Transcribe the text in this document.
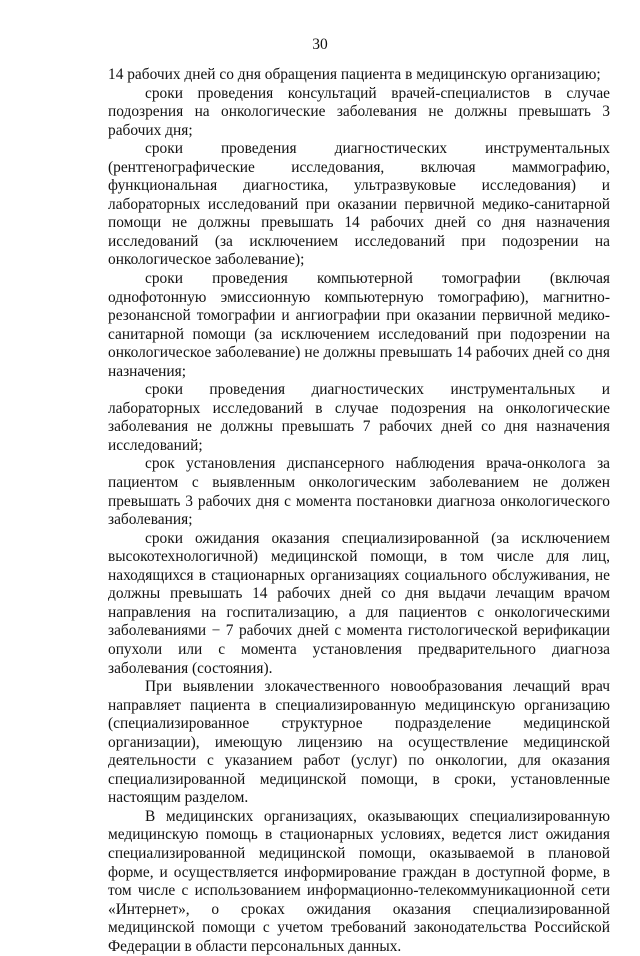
30

14 рабочих дней со дня обращения пациента в медицинскую организацию;

сроки проведения консультаций врачей-специалистов в случае подозрения на онкологические заболевания не должны превышать 3 рабочих дня;

сроки проведения диагностических инструментальных (рентгенографические исследования, включая маммографию, функциональная диагностика, ультразвуковые исследования) и лабораторных исследований при оказании первичной медико-санитарной помощи не должны превышать 14 рабочих дней со дня назначения исследований (за исключением исследований при подозрении на онкологическое заболевание);

сроки проведения компьютерной томографии (включая однофотонную эмиссионную компьютерную томографию), магнитно-резонансной томографии и ангиографии при оказании первичной медико-санитарной помощи (за исключением исследований при подозрении на онкологическое заболевание) не должны превышать 14 рабочих дней со дня назначения;

сроки проведения диагностических инструментальных и лабораторных исследований в случае подозрения на онкологические заболевания не должны превышать 7 рабочих дней со дня назначения исследований;

срок установления диспансерного наблюдения врача-онколога за пациентом с выявленным онкологическим заболеванием не должен превышать 3 рабочих дня с момента постановки диагноза онкологического заболевания;

сроки ожидания оказания специализированной (за исключением высокотехнологичной) медицинской помощи, в том числе для лиц, находящихся в стационарных организациях социального обслуживания, не должны превышать 14 рабочих дней со дня выдачи лечащим врачом направления на госпитализацию, а для пациентов с онкологическими заболеваниями − 7 рабочих дней с момента гистологической верификации опухоли или с момента установления предварительного диагноза заболевания (состояния).

При выявлении злокачественного новообразования лечащий врач направляет пациента в специализированную медицинскую организацию (специализированное структурное подразделение медицинской организации), имеющую лицензию на осуществление медицинской деятельности с указанием работ (услуг) по онкологии, для оказания специализированной медицинской помощи, в сроки, установленные настоящим разделом.

В медицинских организациях, оказывающих специализированную медицинскую помощь в стационарных условиях, ведется лист ожидания специализированной медицинской помощи, оказываемой в плановой форме, и осуществляется информирование граждан в доступной форме, в том числе с использованием информационно-телекоммуникационной сети «Интернет», о сроках ожидания оказания специализированной медицинской помощи с учетом требований законодательства Российской Федерации в области персональных данных.
